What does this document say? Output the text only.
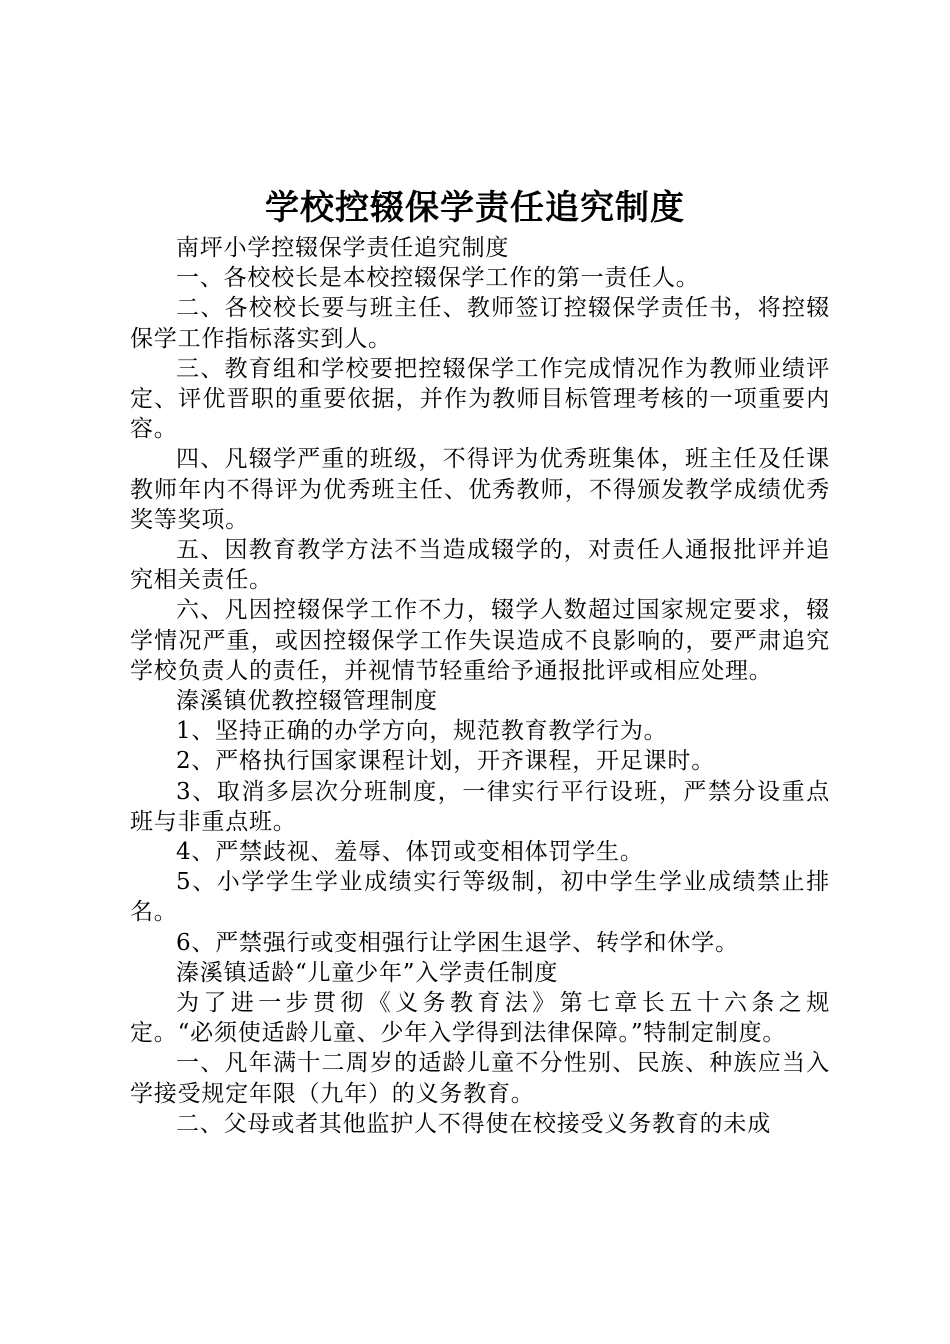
学校控辍保学责任追究制度

南坪小学控辍保学责任追究制度

一、各校校长是本校控辍保学工作的第一责任人。

二、各校校长要与班主任、教师签订控辍保学责任书，将控辍保学工作指标落实到人。

三、教育组和学校要把控辍保学工作完成情况作为教师业绩评定、评优晋职的重要依据，并作为教师目标管理考核的一项重要内容。

四、凡辍学严重的班级，不得评为优秀班集体，班主任及任课教师年内不得评为优秀班主任、优秀教师，不得颁发教学成绩优秀奖等奖项。

五、因教育教学方法不当造成辍学的，对责任人通报批评并追究相关责任。

六、凡因控辍保学工作不力，辍学人数超过国家规定要求，辍学情况严重，或因控辍保学工作失误造成不良影响的，要严肃追究学校负责人的责任，并视情节轻重给予通报批评或相应处理。

溱溪镇优教控辍管理制度

1、坚持正确的办学方向，规范教育教学行为。

2、严格执行国家课程计划，开齐课程，开足课时。

3、取消多层次分班制度，一律实行平行设班，严禁分设重点班与非重点班。

4、严禁歧视、羞辱、体罚或变相体罚学生。

5、小学学生学业成绩实行等级制，初中学生学业成绩禁止排名。

6、严禁强行或变相强行让学困生退学、转学和休学。

溱溪镇适龄“儿童少年”入学责任制度

为了进一步贯彻《义务教育法》第七章长五十六条之规定。“必须使适龄儿童、少年入学得到法律保障。”特制定制度。

一、凡年满十二周岁的适龄儿童不分性别、民族、种族应当入学接受规定年限（九年）的义务教育。

二、父母或者其他监护人不得使在校接受义务教育的未成
